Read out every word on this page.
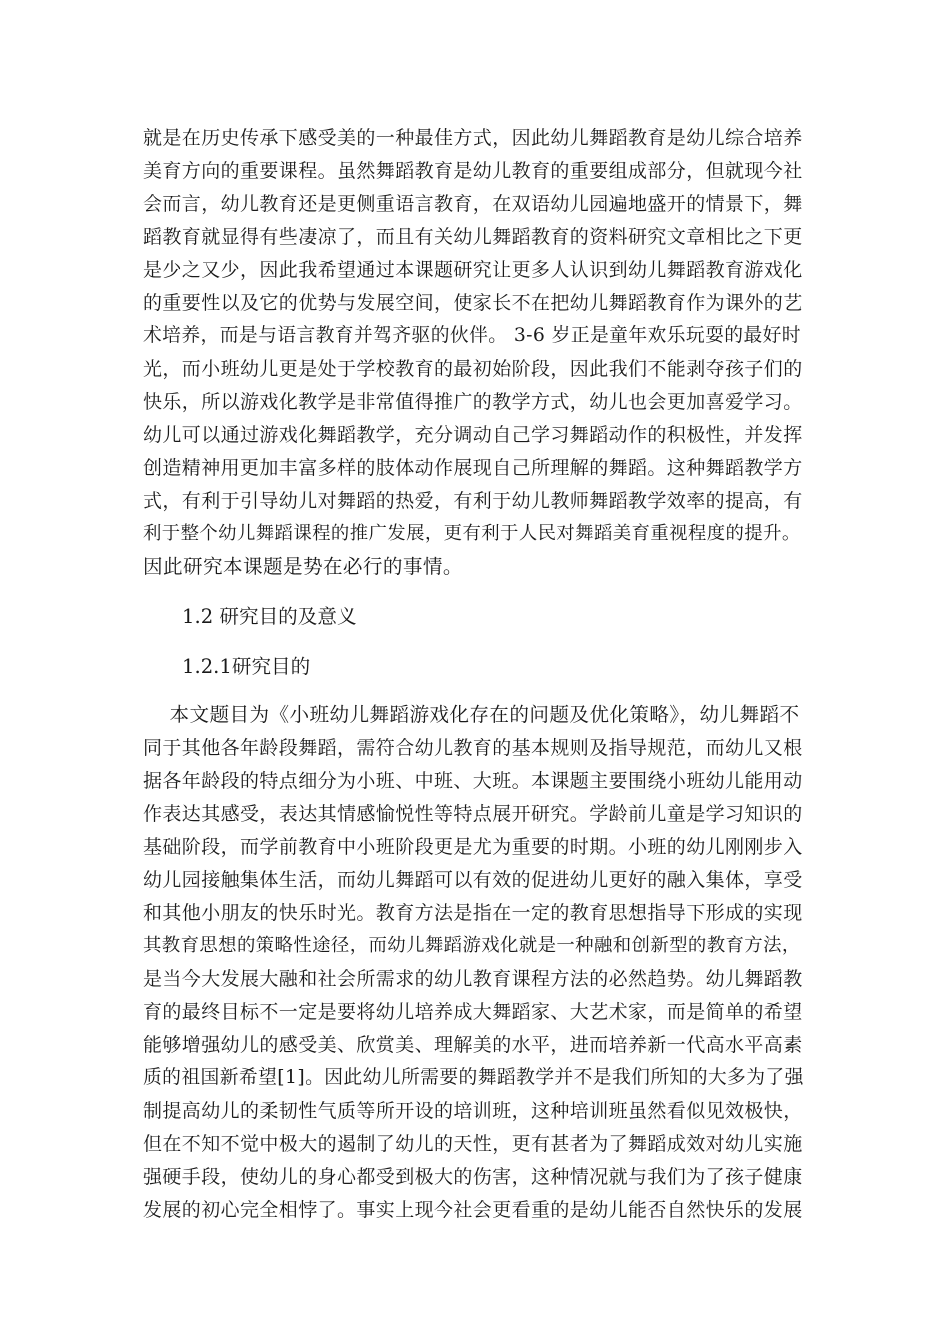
就是在历史传承下感受美的一种最佳方式，因此幼儿舞蹈教育是幼儿综合培养
美育方向的重要课程。虽然舞蹈教育是幼儿教育的重要组成部分，但就现今社
会而言，幼儿教育还是更侧重语言教育，在双语幼儿园遍地盛开的情景下，舞
蹈教育就显得有些凄凉了，而且有关幼儿舞蹈教育的资料研究文章相比之下更
是少之又少，因此我希望通过本课题研究让更多人认识到幼儿舞蹈教育游戏化
的重要性以及它的优势与发展空间，使家长不在把幼儿舞蹈教育作为课外的艺
术培养，而是与语言教育并驾齐驱的伙伴。 3-6 岁正是童年欢乐玩耍的最好时
光，而小班幼儿更是处于学校教育的最初始阶段，因此我们不能剥夺孩子们的
快乐，所以游戏化教学是非常值得推广的教学方式，幼儿也会更加喜爱学习。
幼儿可以通过游戏化舞蹈教学，充分调动自己学习舞蹈动作的积极性，并发挥
创造精神用更加丰富多样的肢体动作展现自己所理解的舞蹈。这种舞蹈教学方
式，有利于引导幼儿对舞蹈的热爱，有利于幼儿教师舞蹈教学效率的提高，有
利于整个幼儿舞蹈课程的推广发展，更有利于人民对舞蹈美育重视程度的提升。
因此研究本课题是势在必行的事情。
1.2 研究目的及意义
1.2.1研究目的
本文题目为《小班幼儿舞蹈游戏化存在的问题及优化策略》，幼儿舞蹈不
同于其他各年龄段舞蹈，需符合幼儿教育的基本规则及指导规范，而幼儿又根
据各年龄段的特点细分为小班、中班、大班。本课题主要围绕小班幼儿能用动
作表达其感受，表达其情感愉悦性等特点展开研究。学龄前儿童是学习知识的
基础阶段，而学前教育中小班阶段更是尤为重要的时期。小班的幼儿刚刚步入
幼儿园接触集体生活，而幼儿舞蹈可以有效的促进幼儿更好的融入集体，享受
和其他小朋友的快乐时光。教育方法是指在一定的教育思想指导下形成的实现
其教育思想的策略性途径，而幼儿舞蹈游戏化就是一种融和创新型的教育方法，
是当今大发展大融和社会所需求的幼儿教育课程方法的必然趋势。幼儿舞蹈教
育的最终目标不一定是要将幼儿培养成大舞蹈家、大艺术家，而是简单的希望
能够增强幼儿的感受美、欣赏美、理解美的水平，进而培养新一代高水平高素
质的祖国新希望[1]。因此幼儿所需要的舞蹈教学并不是我们所知的大多为了强
制提高幼儿的柔韧性气质等所开设的培训班，这种培训班虽然看似见效极快，
但在不知不觉中极大的遏制了幼儿的天性，更有甚者为了舞蹈成效对幼儿实施
强硬手段，使幼儿的身心都受到极大的伤害，这种情况就与我们为了孩子健康
发展的初心完全相悖了。事实上现今社会更看重的是幼儿能否自然快乐的发展
